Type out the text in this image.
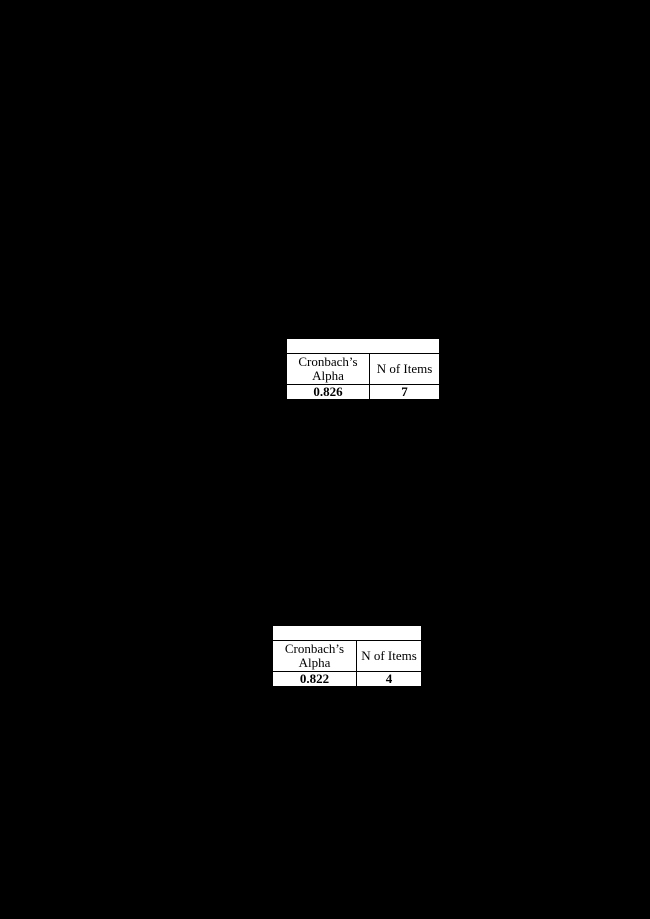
Cronbach’s
Alpha	N of Items
0.826	7

Cronbach’s
Alpha	N of Items
0.822	4
